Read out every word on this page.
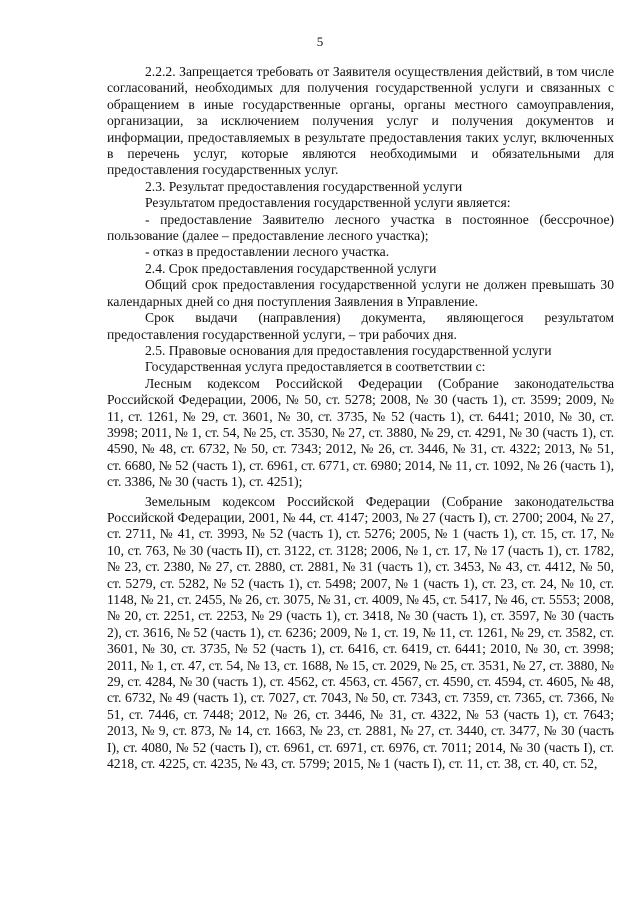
5

2.2.2. Запрещается требовать от Заявителя осуществления действий, в том числе согласований, необходимых для получения государственной услуги и связанных с обращением в иные государственные органы, органы местного самоуправления, организации, за исключением получения услуг и получения документов и информации, предоставляемых в результате предоставления таких услуг, включенных в перечень услуг, которые являются необходимыми и обязательными для предоставления государственных услуг.

2.3. Результат предоставления государственной услуги

Результатом предоставления государственной услуги является:

- предоставление Заявителю лесного участка в постоянное (бессрочное) пользование (далее – предоставление лесного участка);

- отказ в предоставлении лесного участка.

2.4. Срок предоставления государственной услуги

Общий срок предоставления государственной услуги не должен превышать 30 календарных дней со дня поступления Заявления в Управление.

Срок выдачи (направления) документа, являющегося результатом предоставления государственной услуги, – три рабочих дня.

2.5. Правовые основания для предоставления государственной услуги

Государственная услуга предоставляется в соответствии с:

Лесным кодексом Российской Федерации (Собрание законодательства Российской Федерации, 2006, № 50, ст. 5278; 2008, № 30 (часть 1), ст. 3599; 2009, № 11, ст. 1261, № 29, ст. 3601, № 30, ст. 3735, № 52 (часть 1), ст. 6441; 2010, № 30, ст. 3998; 2011, № 1, ст. 54, № 25, ст. 3530, № 27, ст. 3880, № 29, ст. 4291, № 30 (часть 1), ст. 4590, № 48, ст. 6732, № 50, ст. 7343; 2012, № 26, ст. 3446, № 31, ст. 4322; 2013, № 51, ст. 6680, № 52 (часть 1), ст. 6961, ст. 6771, ст. 6980; 2014, № 11, ст. 1092, № 26 (часть 1), ст. 3386, № 30 (часть 1), ст. 4251);

Земельным кодексом Российской Федерации (Собрание законодательства Российской Федерации, 2001, № 44, ст. 4147; 2003, № 27 (часть I), ст. 2700; 2004, № 27, ст. 2711, № 41, ст. 3993, № 52 (часть 1), ст. 5276; 2005, № 1 (часть 1), ст. 15, ст. 17, № 10, ст. 763, № 30 (часть II), ст. 3122, ст. 3128; 2006, № 1, ст. 17, № 17 (часть 1), ст. 1782, № 23, ст. 2380, № 27, ст. 2880, ст. 2881, № 31 (часть 1), ст. 3453, № 43, ст. 4412, № 50, ст. 5279, ст. 5282, № 52 (часть 1), ст. 5498; 2007, № 1 (часть 1), ст. 23, ст. 24, № 10, ст. 1148, № 21, ст. 2455, № 26, ст. 3075, № 31, ст. 4009, № 45, ст. 5417, № 46, ст. 5553; 2008, № 20, ст. 2251, ст. 2253, № 29 (часть 1), ст. 3418, № 30 (часть 1), ст. 3597, № 30 (часть 2), ст. 3616, № 52 (часть 1), ст. 6236; 2009, № 1, ст. 19, № 11, ст. 1261, № 29, ст. 3582, ст. 3601, № 30, ст. 3735, № 52 (часть 1), ст. 6416, ст. 6419, ст. 6441; 2010, № 30, ст. 3998; 2011, № 1, ст. 47, ст. 54, № 13, ст. 1688, № 15, ст. 2029, № 25, ст. 3531, № 27, ст. 3880, № 29, ст. 4284, № 30 (часть 1), ст. 4562, ст. 4563, ст. 4567, ст. 4590, ст. 4594, ст. 4605, № 48, ст. 6732, № 49 (часть 1), ст. 7027, ст. 7043, № 50, ст. 7343, ст. 7359, ст. 7365, ст. 7366, № 51, ст. 7446, ст. 7448; 2012, № 26, ст. 3446, № 31, ст. 4322, № 53 (часть 1), ст. 7643; 2013, № 9, ст. 873, № 14, ст. 1663, № 23, ст. 2881, № 27, ст. 3440, ст. 3477, № 30 (часть I), ст. 4080, № 52 (часть I), ст. 6961, ст. 6971, ст. 6976, ст. 7011; 2014, № 30 (часть I), ст. 4218, ст. 4225, ст. 4235, № 43, ст. 5799; 2015, № 1 (часть I), ст. 11, ст. 38, ст. 40, ст. 52,
